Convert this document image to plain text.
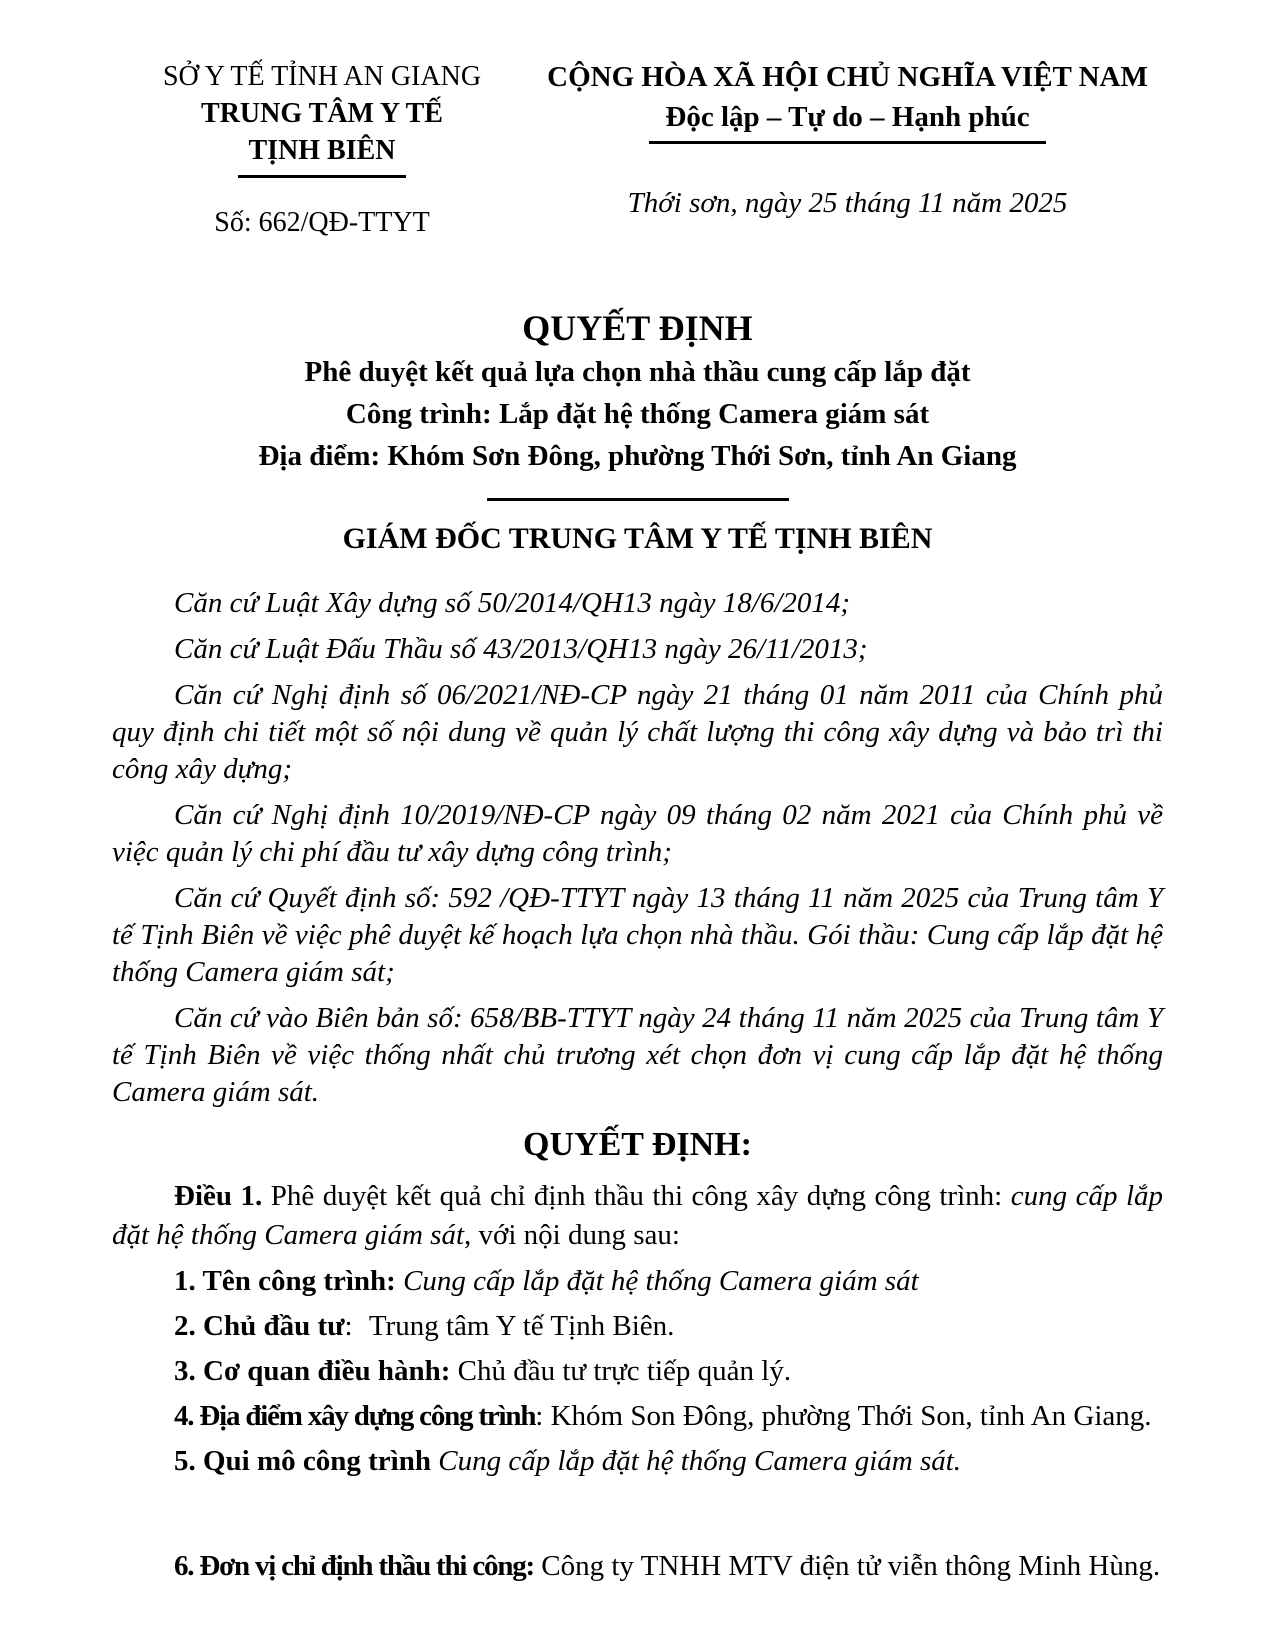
SỞ Y TẾ TỈNH AN GIANG
TRUNG TÂM Y TẾ
TỊNH BIÊN
Số: 662/QĐ-TTYT
CỘNG HÒA XÃ HỘI CHỦ NGHĨA VIỆT NAM
Độc lập – Tự do – Hạnh phúc
Thới sơn, ngày 25 tháng 11 năm 2025
QUYẾT ĐỊNH
Phê duyệt kết quả lựa chọn nhà thầu cung cấp lắp đặt
Công trình: Lắp đặt hệ thống Camera giám sát
Địa điểm: Khóm Sơn Đông, phường Thới Sơn, tỉnh An Giang
GIÁM ĐỐC TRUNG TÂM Y TẾ TỊNH BIÊN

Căn cứ Luật Xây dựng số 50/2014/QH13 ngày 18/6/2014;

Căn cứ Luật Đấu Thầu số 43/2013/QH13 ngày 26/11/2013;

Căn cứ Nghị định số 06/2021/NĐ-CP ngày 21 tháng 01 năm 2011 của Chính phủ quy định chi tiết một số nội dung về quản lý chất lượng thi công xây dựng và bảo trì thi công xây dựng;

Căn cứ Nghị định 10/2019/NĐ-CP ngày 09 tháng 02 năm 2021 của Chính phủ về việc quản lý chi phí đầu tư xây dựng công trình;

Căn cứ Quyết định số: 592 /QĐ-TTYT ngày 13 tháng 11 năm 2025 của Trung tâm Y tế Tịnh Biên về việc phê duyệt kế hoạch lựa chọn nhà thầu. Gói thầu: Cung cấp lắp đặt hệ thống Camera giám sát;

Căn cứ vào Biên bản số: 658/BB-TTYT ngày 24 tháng 11 năm 2025 của Trung tâm Y tế Tịnh Biên về việc thống nhất chủ trương xét chọn đơn vị cung cấp lắp đặt hệ thống Camera giám sát.

QUYẾT ĐỊNH:

Điều 1. Phê duyệt kết quả chỉ định thầu thi công xây dựng công trình: cung cấp lắp đặt hệ thống Camera giám sát, với nội dung sau:

1. Tên công trình: Cung cấp lắp đặt hệ thống Camera giám sát

2. Chủ đầu tư: Trung tâm Y tế Tịnh Biên.

3. Cơ quan điều hành: Chủ đầu tư trực tiếp quản lý.

4. Địa điểm xây dựng công trình: Khóm Son Đông, phường Thới Son, tỉnh An Giang.

5. Qui mô công trình Cung cấp lắp đặt hệ thống Camera giám sát.

6. Đơn vị chỉ định thầu thi công: Công ty TNHH MTV điện tử viễn thông Minh Hùng.
